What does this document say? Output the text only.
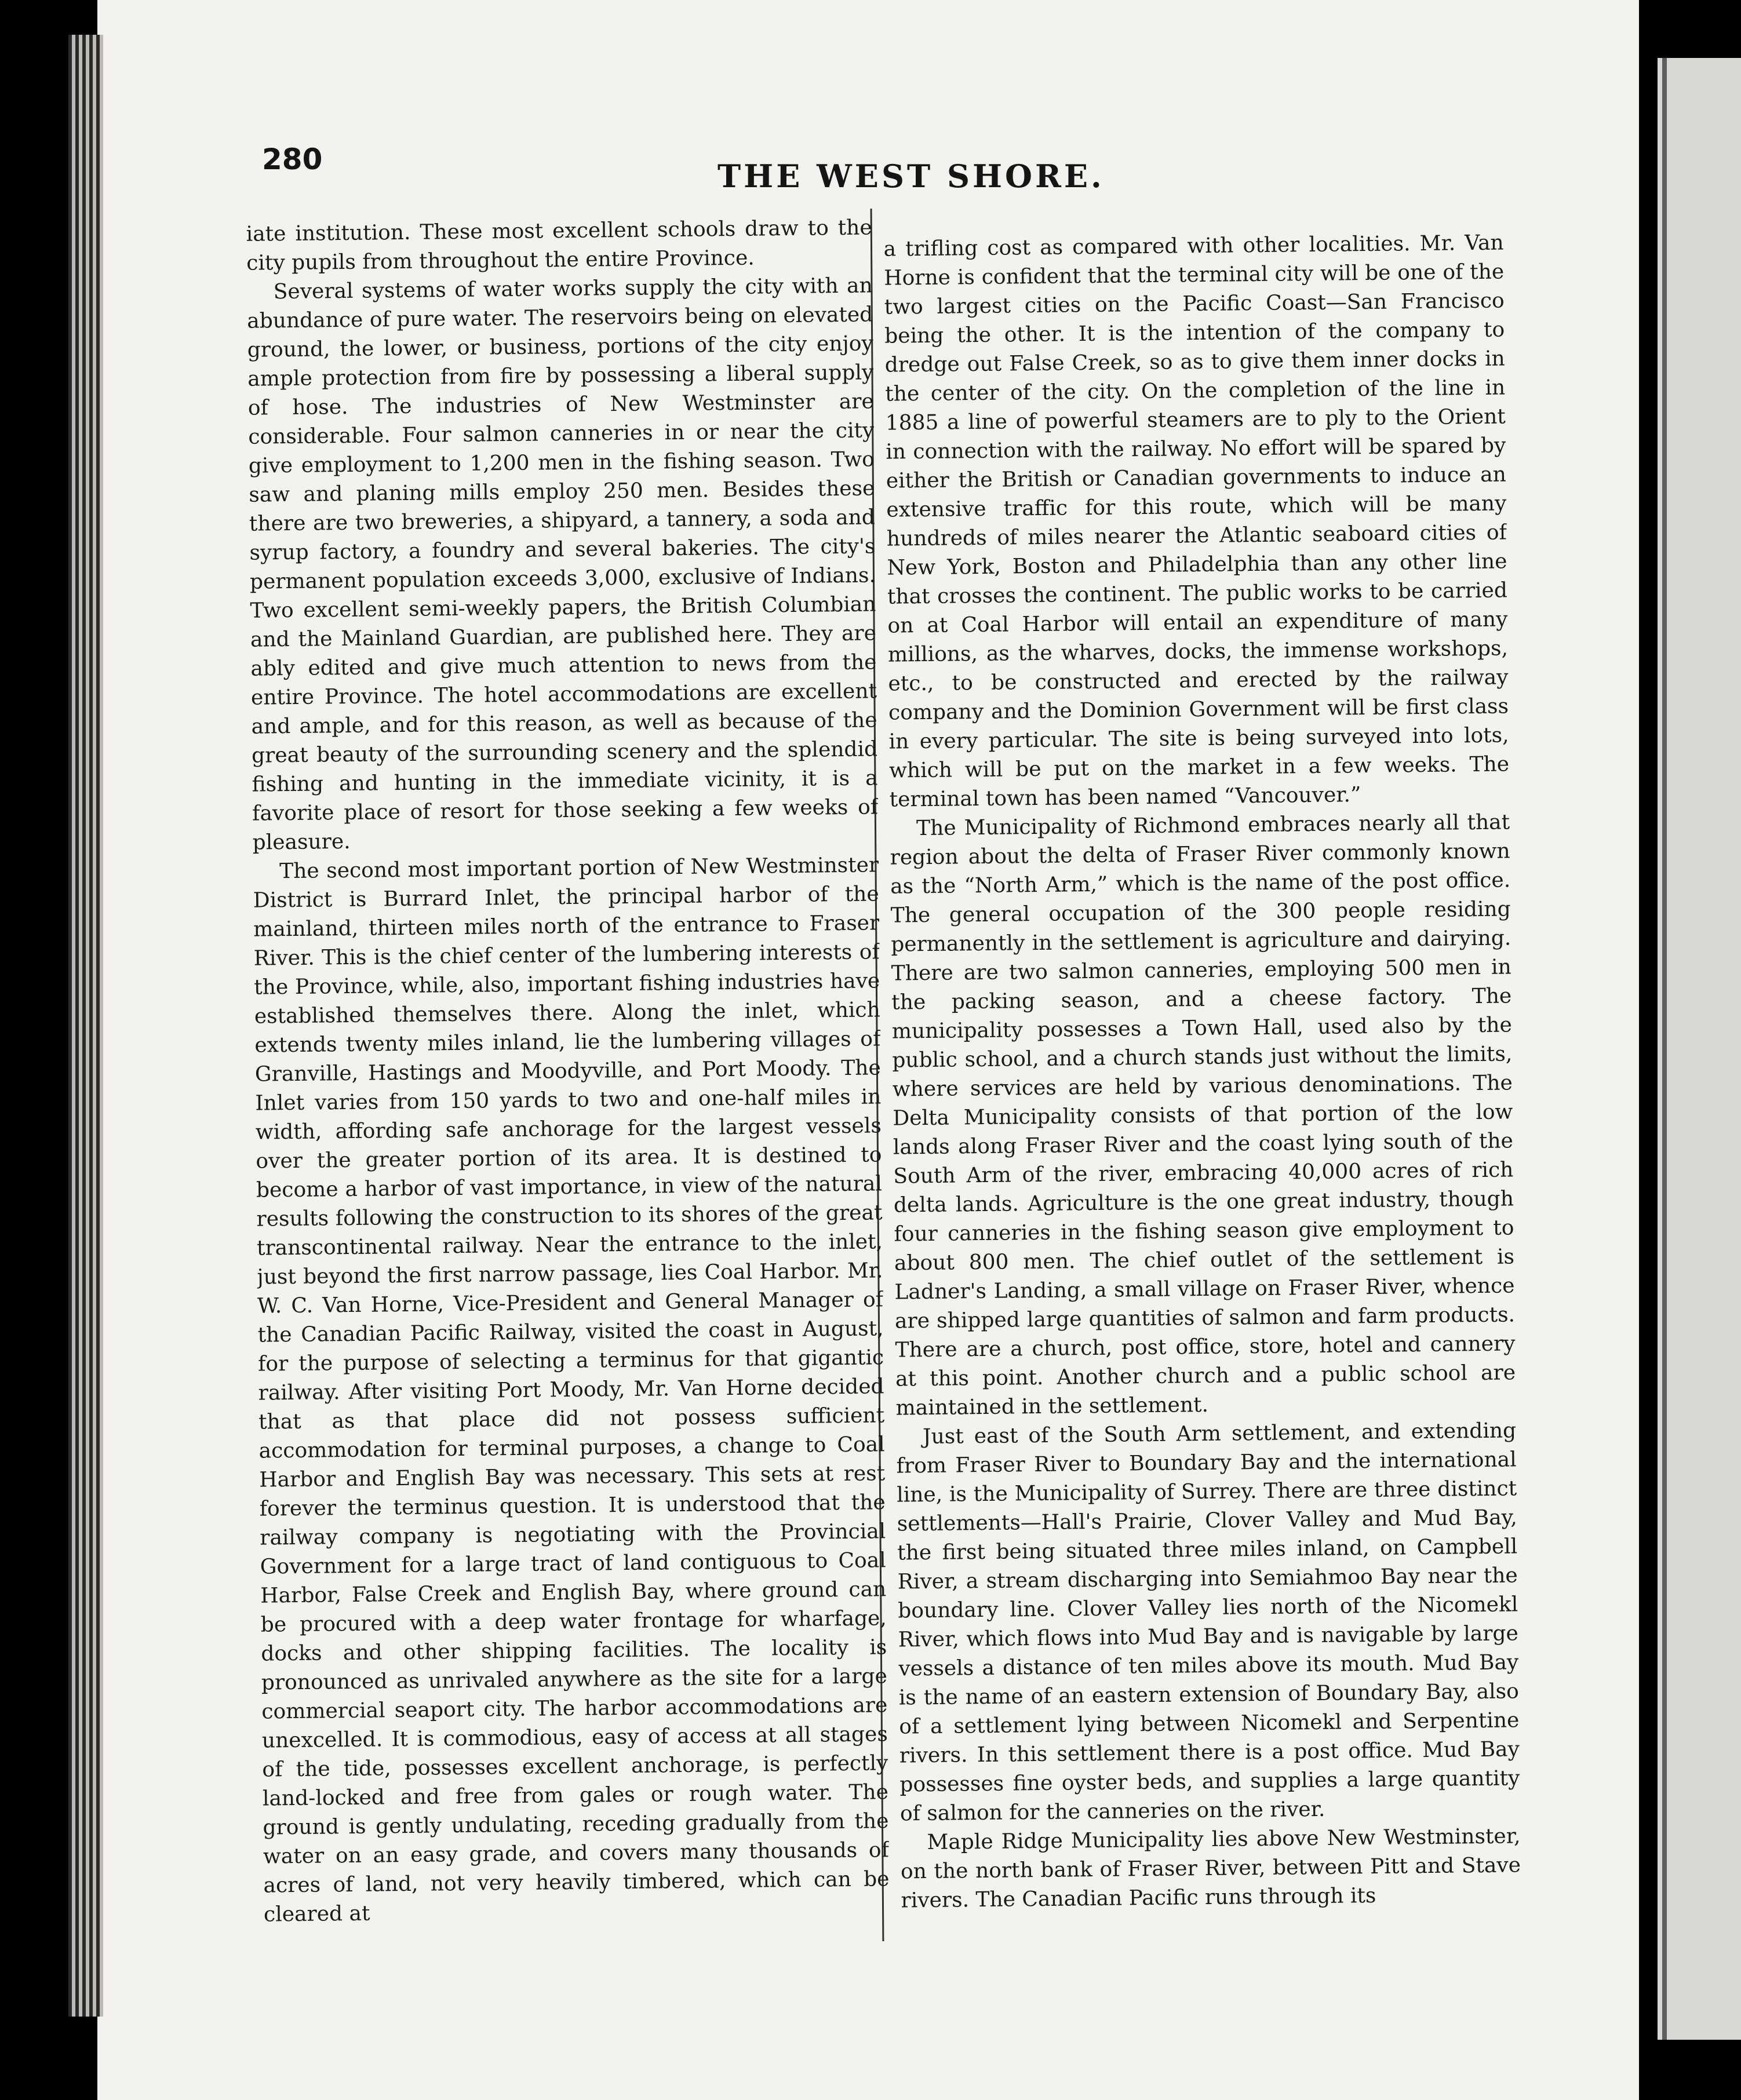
280	THE WEST SHORE.

iate institution. These most excellent schools draw to the city pupils from throughout the entire Province.

Several systems of water works supply the city with an abundance of pure water. The reservoirs being on elevated ground, the lower, or business, portions of the city enjoy ample protection from fire by possessing a liberal supply of hose. The industries of New Westminster are considerable. Four salmon canneries in or near the city give employment to 1,200 men in the fishing season. Two saw and planing mills employ 250 men. Besides these there are two breweries, a shipyard, a tannery, a soda and syrup factory, a foundry and several bakeries. The city's permanent population exceeds 3,000, exclusive of Indians. Two excellent semi-weekly papers, the British Columbian and the Mainland Guardian, are published here. They are ably edited and give much attention to news from the entire Province. The hotel accommodations are excellent and ample, and for this reason, as well as because of the great beauty of the surrounding scenery and the splendid fishing and hunting in the immediate vicinity, it is a favorite place of resort for those seeking a few weeks of pleasure.

The second most important portion of New Westminster District is Burrard Inlet, the principal harbor of the mainland, thirteen miles north of the entrance to Fraser River. This is the chief center of the lumbering interests of the Province, while, also, important fishing industries have established themselves there. Along the inlet, which extends twenty miles inland, lie the lumbering villages of Granville, Hastings and Moodyville, and Port Moody. The Inlet varies from 150 yards to two and one-half miles in width, affording safe anchorage for the largest vessels over the greater portion of its area. It is destined to become a harbor of vast importance, in view of the natural results following the construction to its shores of the great transcontinental railway. Near the entrance to the inlet, just beyond the first narrow passage, lies Coal Harbor. Mr. W. C. Van Horne, Vice-President and General Manager of the Canadian Pacific Railway, visited the coast in August, for the purpose of selecting a terminus for that gigantic railway. After visiting Port Moody, Mr. Van Horne decided that as that place did not possess sufficient accommodation for terminal purposes, a change to Coal Harbor and English Bay was necessary. This sets at rest forever the terminus question. It is understood that the railway company is negotiating with the Provincial Government for a large tract of land contiguous to Coal Harbor, False Creek and English Bay, where ground can be procured with a deep water frontage for wharfage, docks and other shipping facilities. The locality is pronounced as unrivaled anywhere as the site for a large commercial seaport city. The harbor accommodations are unexcelled. It is commodious, easy of access at all stages of the tide, possesses excellent anchorage, is perfectly land-locked and free from gales or rough water. The ground is gently undulating, receding gradually from the water on an easy grade, and covers many thousands of acres of land, not very heavily timbered, which can be cleared at

a trifling cost as compared with other localities. Mr. Van Horne is confident that the terminal city will be one of the two largest cities on the Pacific Coast—San Francisco being the other. It is the intention of the company to dredge out False Creek, so as to give them inner docks in the center of the city. On the completion of the line in 1885 a line of powerful steamers are to ply to the Orient in connection with the railway. No effort will be spared by either the British or Canadian governments to induce an extensive traffic for this route, which will be many hundreds of miles nearer the Atlantic seaboard cities of New York, Boston and Philadelphia than any other line that crosses the continent. The public works to be carried on at Coal Harbor will entail an expenditure of many millions, as the wharves, docks, the immense workshops, etc., to be constructed and erected by the railway company and the Dominion Government will be first class in every particular. The site is being surveyed into lots, which will be put on the market in a few weeks. The terminal town has been named “Vancouver.”

The Municipality of Richmond embraces nearly all that region about the delta of Fraser River commonly known as the “North Arm,” which is the name of the post office. The general occupation of the 300 people residing permanently in the settlement is agriculture and dairying. There are two salmon canneries, employing 500 men in the packing season, and a cheese factory. The municipality possesses a Town Hall, used also by the public school, and a church stands just without the limits, where services are held by various denominations. The Delta Municipality consists of that portion of the low lands along Fraser River and the coast lying south of the South Arm of the river, embracing 40,000 acres of rich delta lands. Agriculture is the one great industry, though four canneries in the fishing season give employment to about 800 men. The chief outlet of the settlement is Ladner's Landing, a small village on Fraser River, whence are shipped large quantities of salmon and farm products. There are a church, post office, store, hotel and cannery at this point. Another church and a public school are maintained in the settlement.

Just east of the South Arm settlement, and extending from Fraser River to Boundary Bay and the international line, is the Municipality of Surrey. There are three distinct settlements—Hall's Prairie, Clover Valley and Mud Bay, the first being situated three miles inland, on Campbell River, a stream discharging into Semiahmoo Bay near the boundary line. Clover Valley lies north of the Nicomekl River, which flows into Mud Bay and is navigable by large vessels a distance of ten miles above its mouth. Mud Bay is the name of an eastern extension of Boundary Bay, also of a settlement lying between Nicomekl and Serpentine rivers. In this settlement there is a post office. Mud Bay possesses fine oyster beds, and supplies a large quantity of salmon for the canneries on the river.

Maple Ridge Municipality lies above New Westminster, on the north bank of Fraser River, between Pitt and Stave rivers. The Canadian Pacific runs through its
